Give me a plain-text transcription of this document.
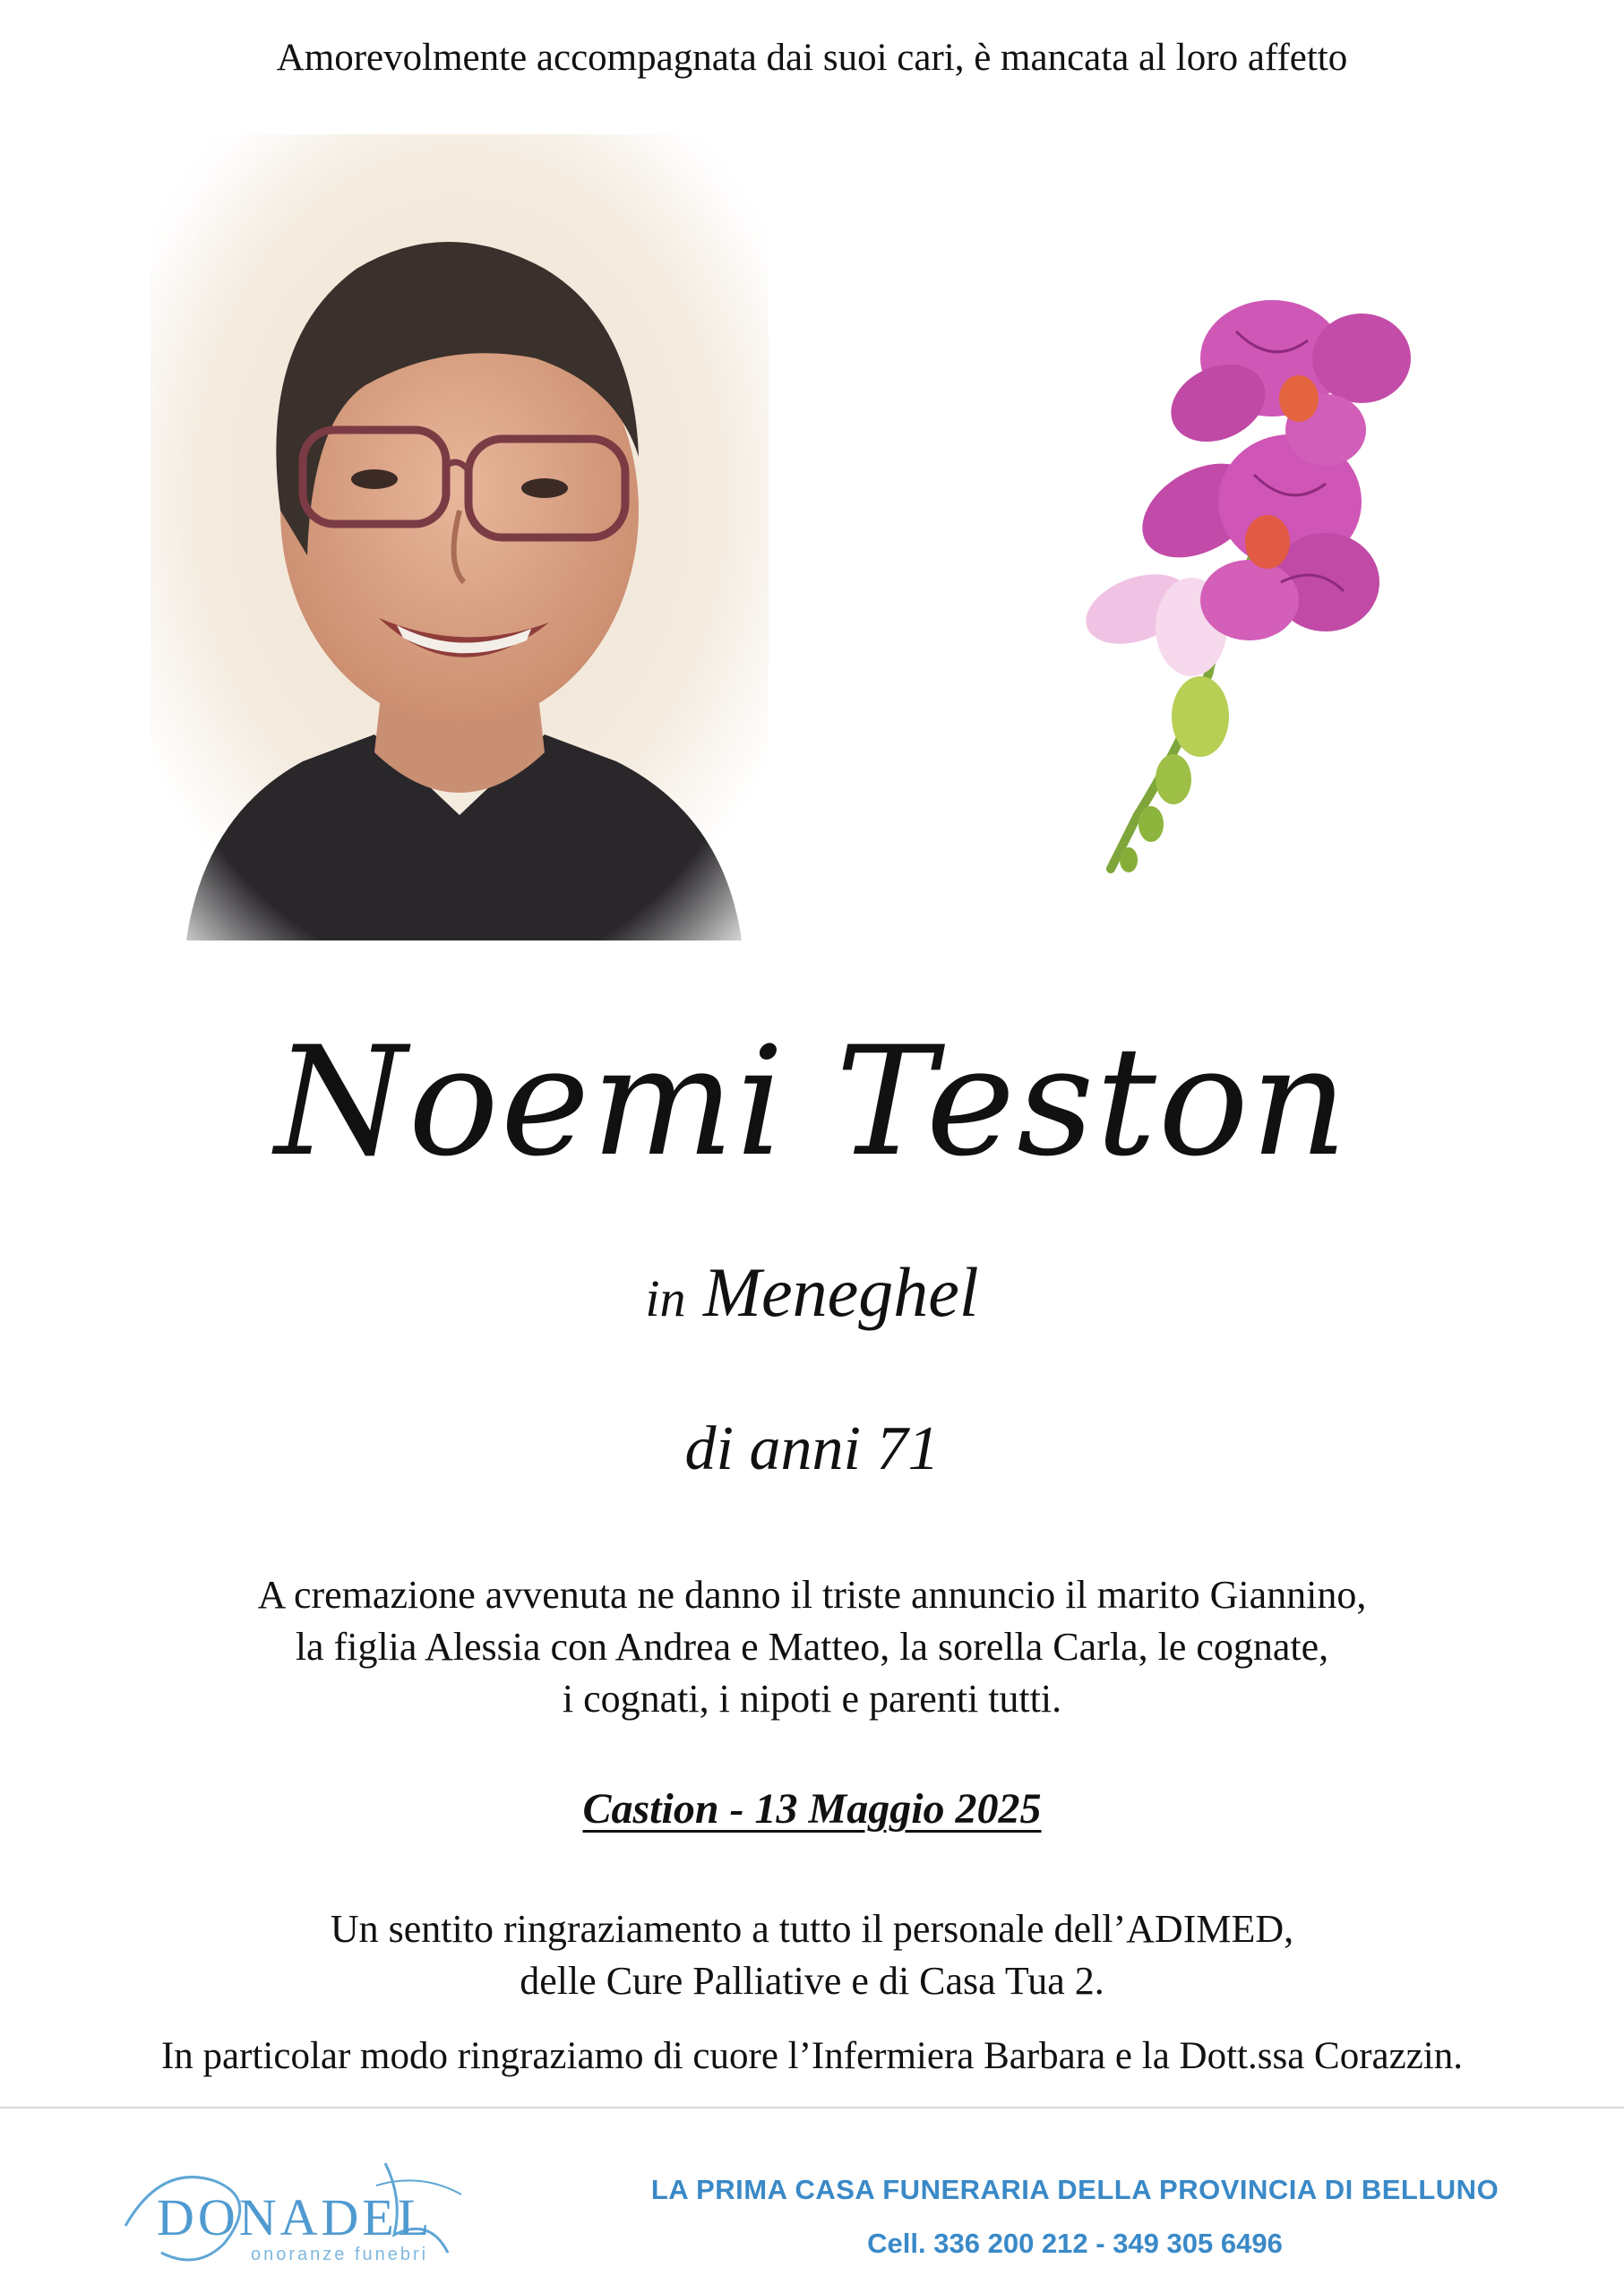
Amorevolmente accompagnata dai suoi cari, è mancata al loro affetto
Noemi Teston
in Meneghel
di anni 71
A cremazione avvenuta ne danno il triste annuncio il marito Giannino,
la figlia Alessia con Andrea e Matteo, la sorella Carla, le cognate,
i cognati, i nipoti e parenti tutti.
Castion - 13 Maggio 2025
Un sentito ringraziamento a tutto il personale dell’ADIMED,
delle Cure Palliative e di Casa Tua 2.
In particolar modo ringraziamo di cuore l’Infermiera Barbara e la Dott.ssa Corazzin.
DONADEL
onoranze funebri
LA PRIMA CASA FUNERARIA DELLA PROVINCIA DI BELLUNO
Cell. 336 200 212 - 349 305 6496
